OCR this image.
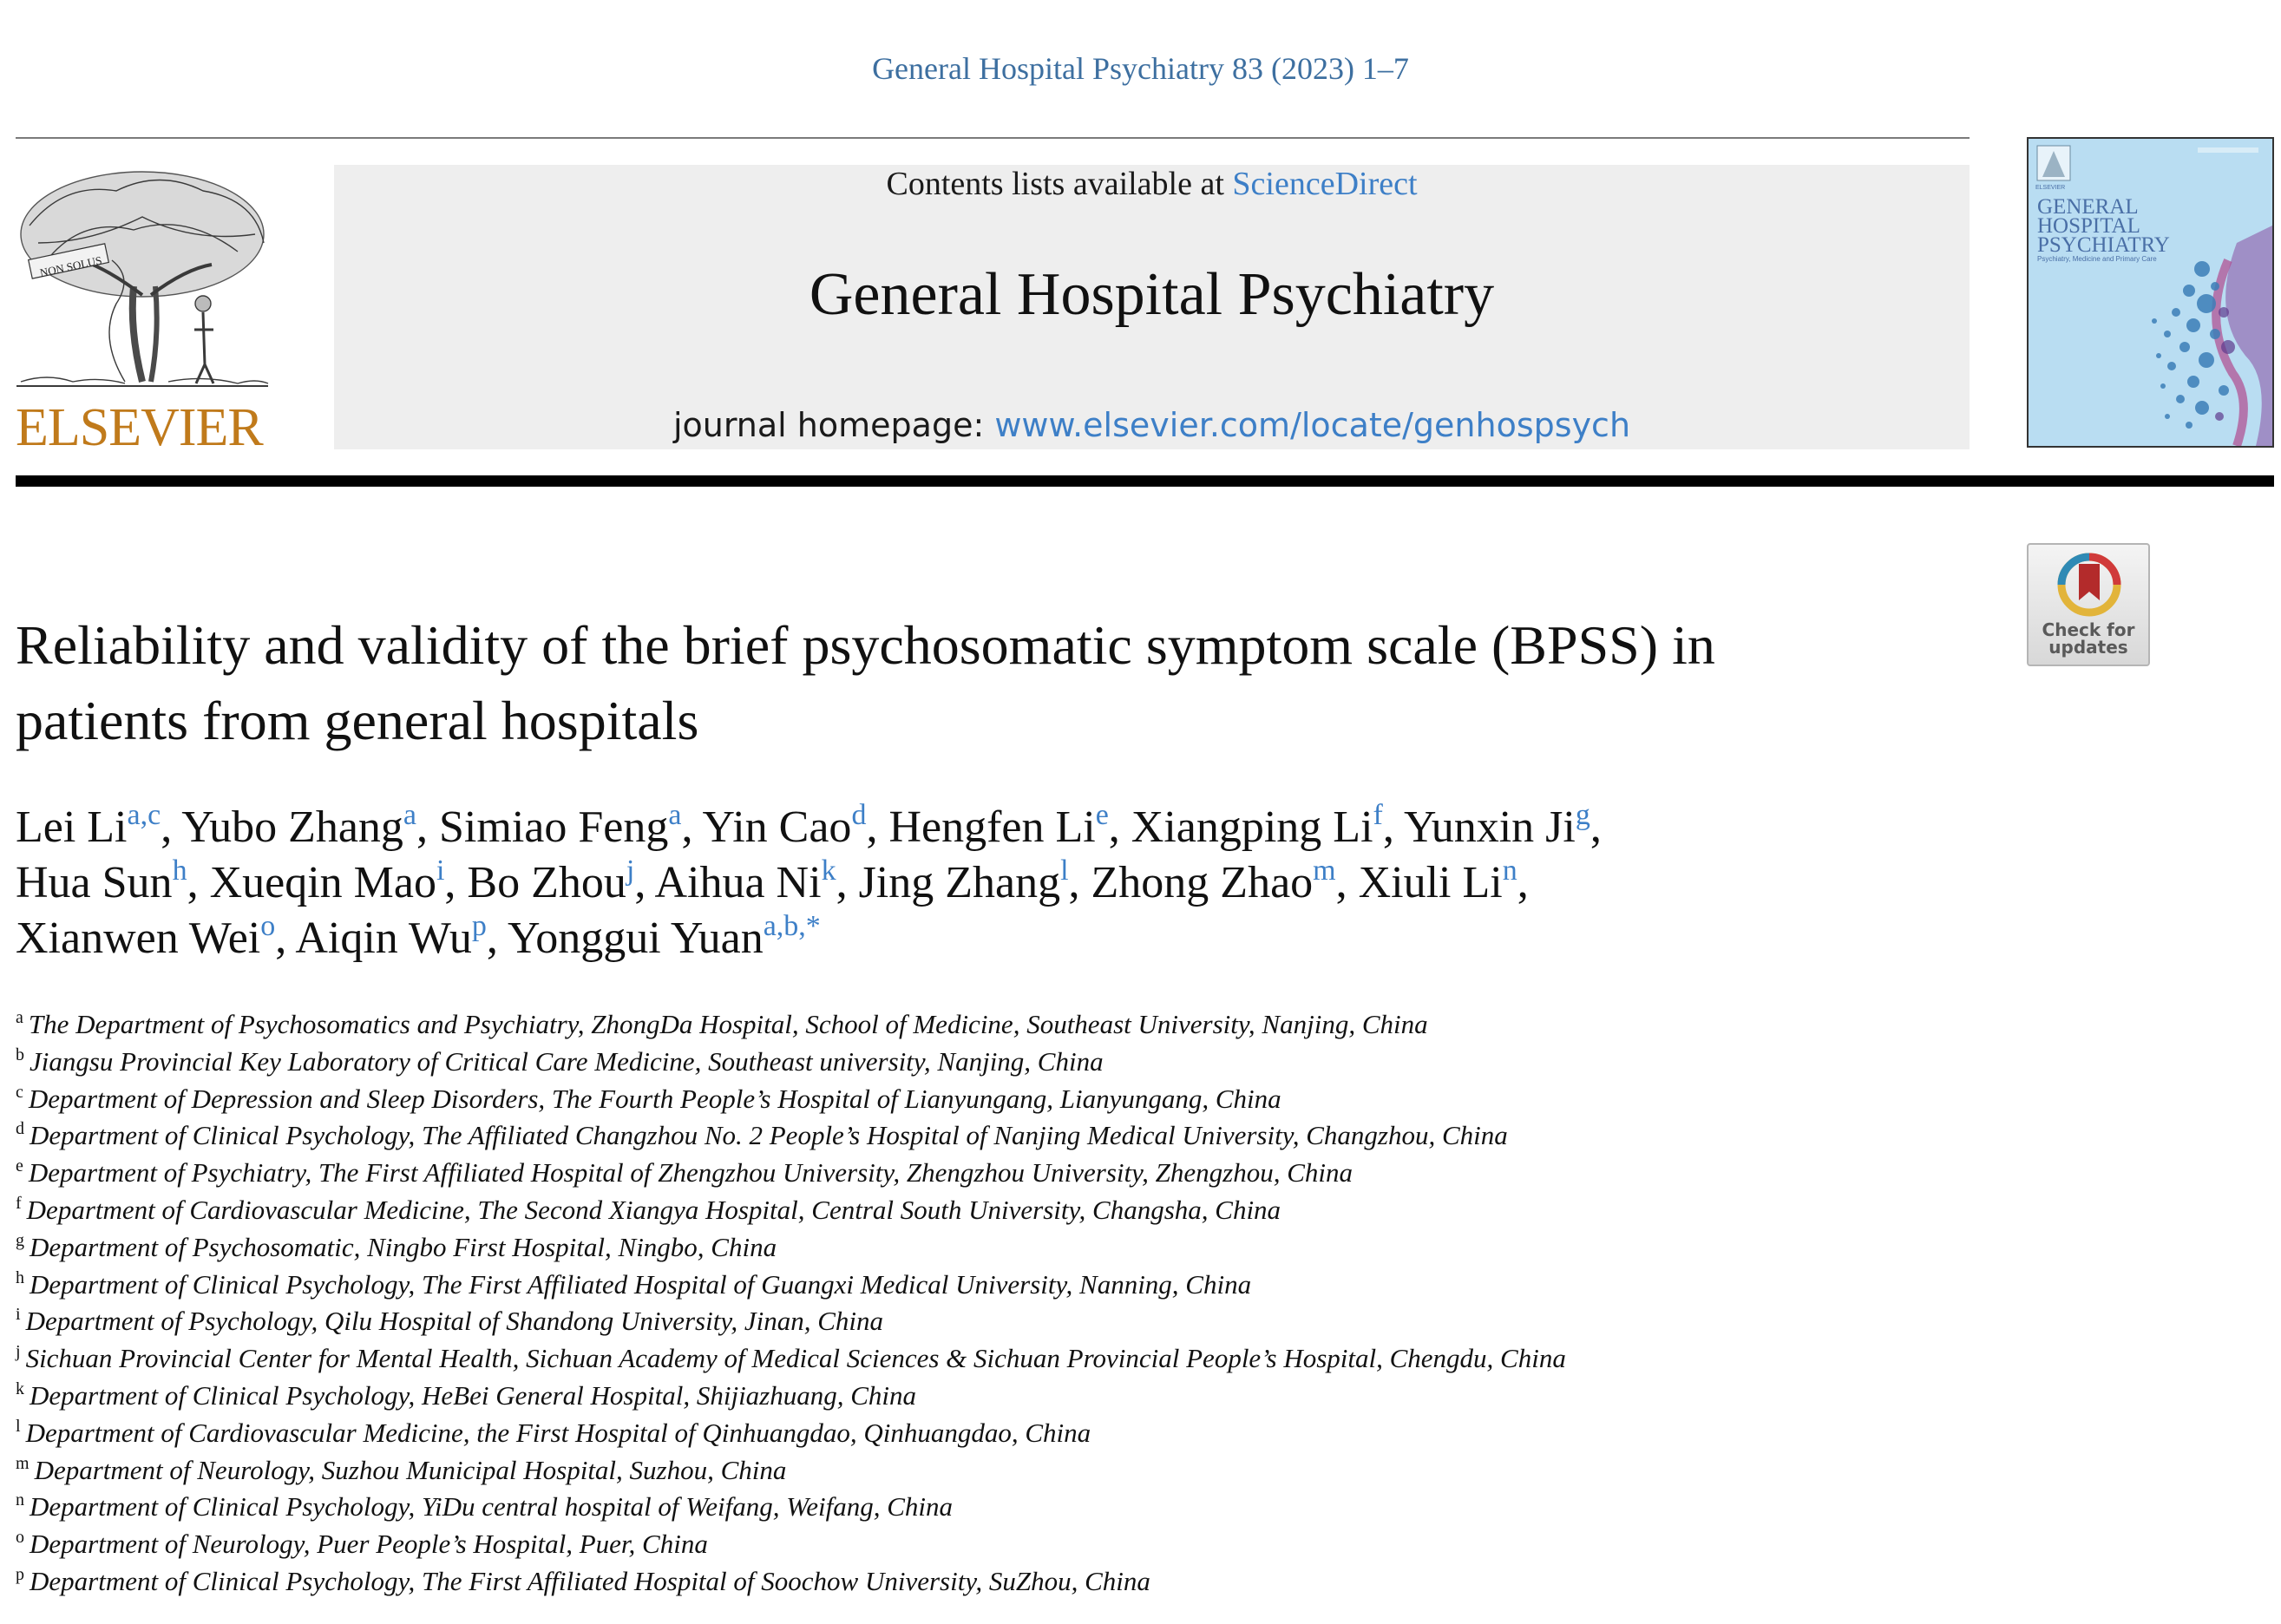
General Hospital Psychiatry 83 (2023) 1–7
NON SOLUS
ELSEVIER
Contents lists available at ScienceDirect
General Hospital Psychiatry
journal homepage: www.elsevier.com/locate/genhospsych
ELSEVIER
GENERAL
HOSPITAL
PSYCHIATRY
Psychiatry, Medicine and Primary Care
Check for
updates
Reliability and validity of the brief psychosomatic symptom scale (BPSS) in
patients from general hospitals
Lei Li$^{a,c}$, Yubo Zhang$^a$, Simiao Feng$^a$, Yin Cao$^d$, Hengfen Li$^e$, Xiangping Li$^f$, Yunxin Ji$^g$,
Hua Sun$^h$, Xueqin Mao$^i$, Bo Zhou$^j$, Aihua Ni$^k$, Jing Zhang$^l$, Zhong Zhao$^m$, Xiuli Li$^n$,
Xianwen Wei$^o$, Aiqin Wu$^p$, Yonggui Yuan$^{a,b,*}$
$^a$ The Department of Psychosomatics and Psychiatry, ZhongDa Hospital, School of Medicine, Southeast University, Nanjing, China
$^b$ Jiangsu Provincial Key Laboratory of Critical Care Medicine, Southeast university, Nanjing, China
$^c$ Department of Depression and Sleep Disorders, The Fourth People’s Hospital of Lianyungang, Lianyungang, China
$^d$ Department of Clinical Psychology, The Affiliated Changzhou No. 2 People’s Hospital of Nanjing Medical University, Changzhou, China
$^e$ Department of Psychiatry, The First Affiliated Hospital of Zhengzhou University, Zhengzhou University, Zhengzhou, China
$^f$ Department of Cardiovascular Medicine, The Second Xiangya Hospital, Central South University, Changsha, China
$^g$ Department of Psychosomatic, Ningbo First Hospital, Ningbo, China
$^h$ Department of Clinical Psychology, The First Affiliated Hospital of Guangxi Medical University, Nanning, China
$^i$ Department of Psychology, Qilu Hospital of Shandong University, Jinan, China
$^j$ Sichuan Provincial Center for Mental Health, Sichuan Academy of Medical Sciences & Sichuan Provincial People’s Hospital, Chengdu, China
$^k$ Department of Clinical Psychology, HeBei General Hospital, Shijiazhuang, China
$^l$ Department of Cardiovascular Medicine, the First Hospital of Qinhuangdao, Qinhuangdao, China
$^m$ Department of Neurology, Suzhou Municipal Hospital, Suzhou, China
$^n$ Department of Clinical Psychology, YiDu central hospital of Weifang, Weifang, China
$^o$ Department of Neurology, Puer People’s Hospital, Puer, China
$^p$ Department of Clinical Psychology, The First Affiliated Hospital of Soochow University, SuZhou, China
